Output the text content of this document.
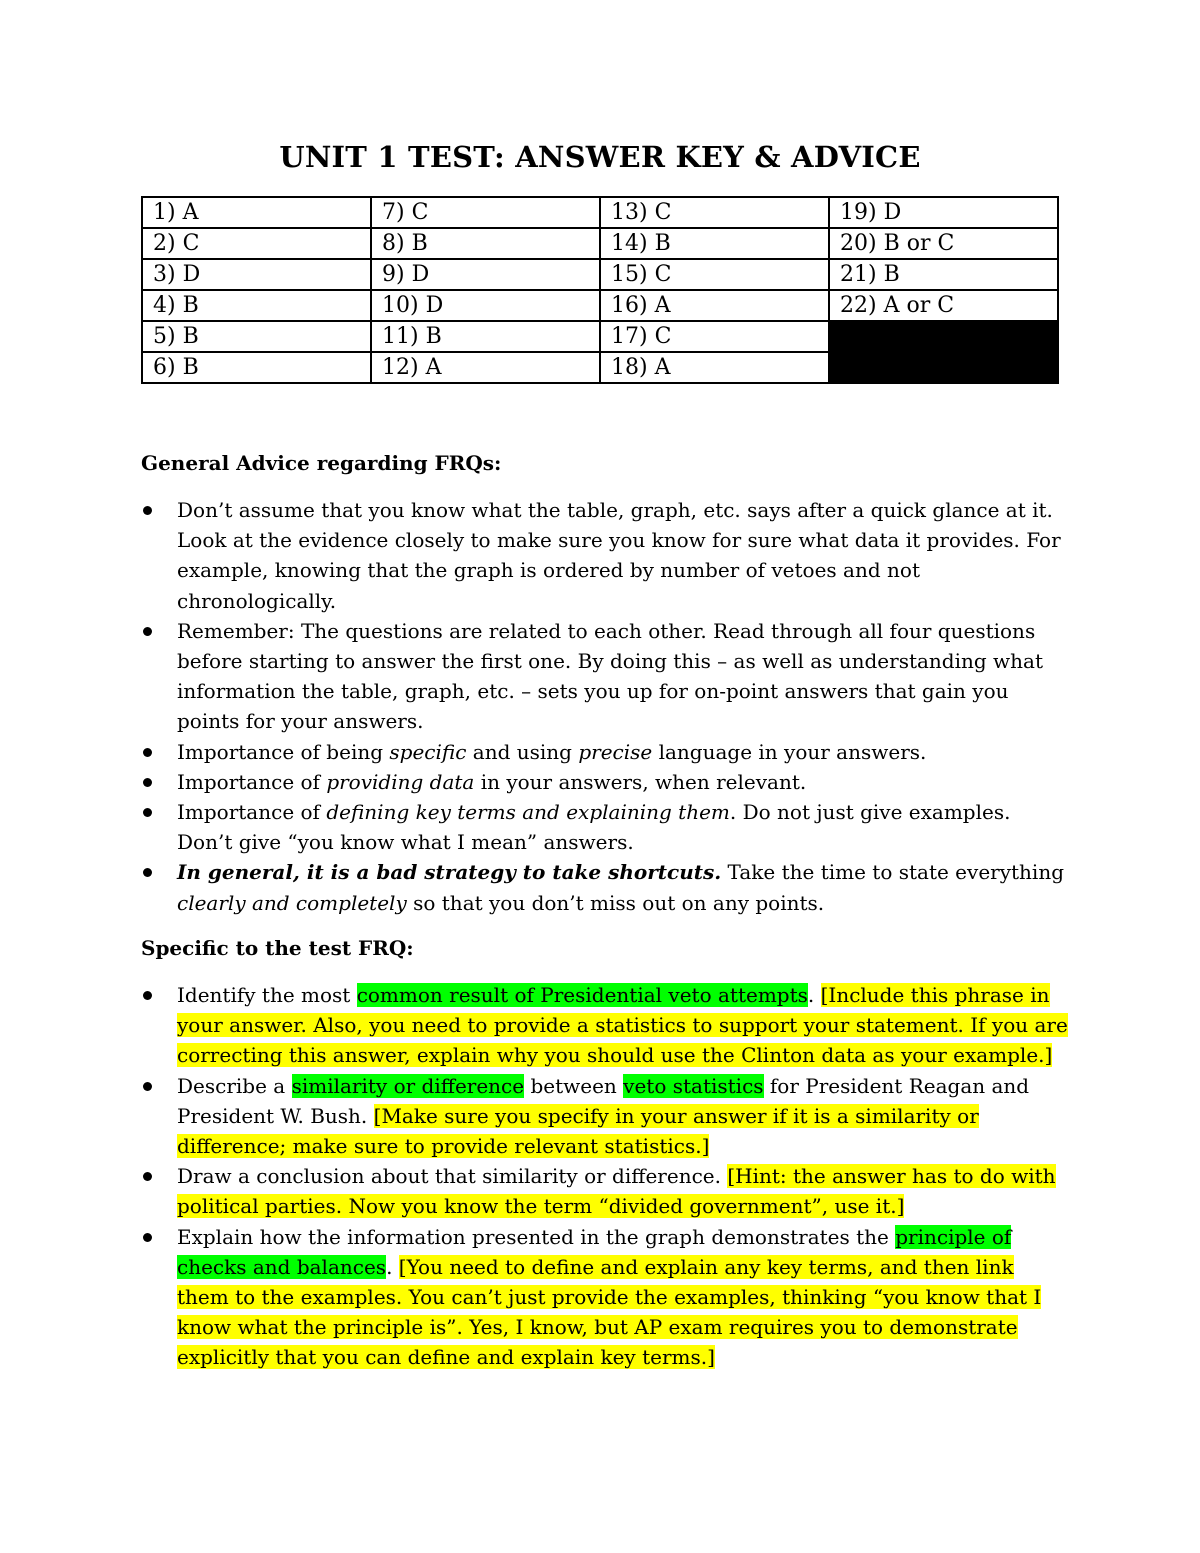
UNIT 1 TEST: ANSWER KEY & ADVICE
1) A	7) C	13) C	19) D
2) C	8) B	14) B	20) B or C
3) D	9) D	15) C	21) B
4) B	10) D	16) A	22) A or C
5) B	11) B	17) C	
6) B	12) A	18) A	

General Advice regarding FRQs:

Don’t assume that you know what the table, graph, etc. says after a quick glance at it. Look at the evidence closely to make sure you know for sure what data it provides. For example, knowing that the graph is ordered by number of vetoes and not chronologically.
Remember: The questions are related to each other. Read through all four questions before starting to answer the first one. By doing this – as well as understanding what information the table, graph, etc. – sets you up for on-point answers that gain you points for your answers.
Importance of being specific and using precise language in your answers.
Importance of providing data in your answers, when relevant.
Importance of defining key terms and explaining them. Do not just give examples. Don’t give “you know what I mean” answers.
In general, it is a bad strategy to take shortcuts. Take the time to state everything clearly and completely so that you don’t miss out on any points.

Specific to the test FRQ:

Identify the most common result of Presidential veto attempts. [Include this phrase in your answer. Also, you need to provide a statistics to support your statement. If you are correcting this answer, explain why you should use the Clinton data as your example.]
Describe a similarity or difference between veto statistics for President Reagan and President W. Bush. [Make sure you specify in your answer if it is a similarity or difference; make sure to provide relevant statistics.]
Draw a conclusion about that similarity or difference. [Hint: the answer has to do with political parties. Now you know the term “divided government”, use it.]
Explain how the information presented in the graph demonstrates the principle of checks and balances. [You need to define and explain any key terms, and then link them to the examples. You can’t just provide the examples, thinking “you know that I know what the principle is”. Yes, I know, but AP exam requires you to demonstrate explicitly that you can define and explain key terms.]
